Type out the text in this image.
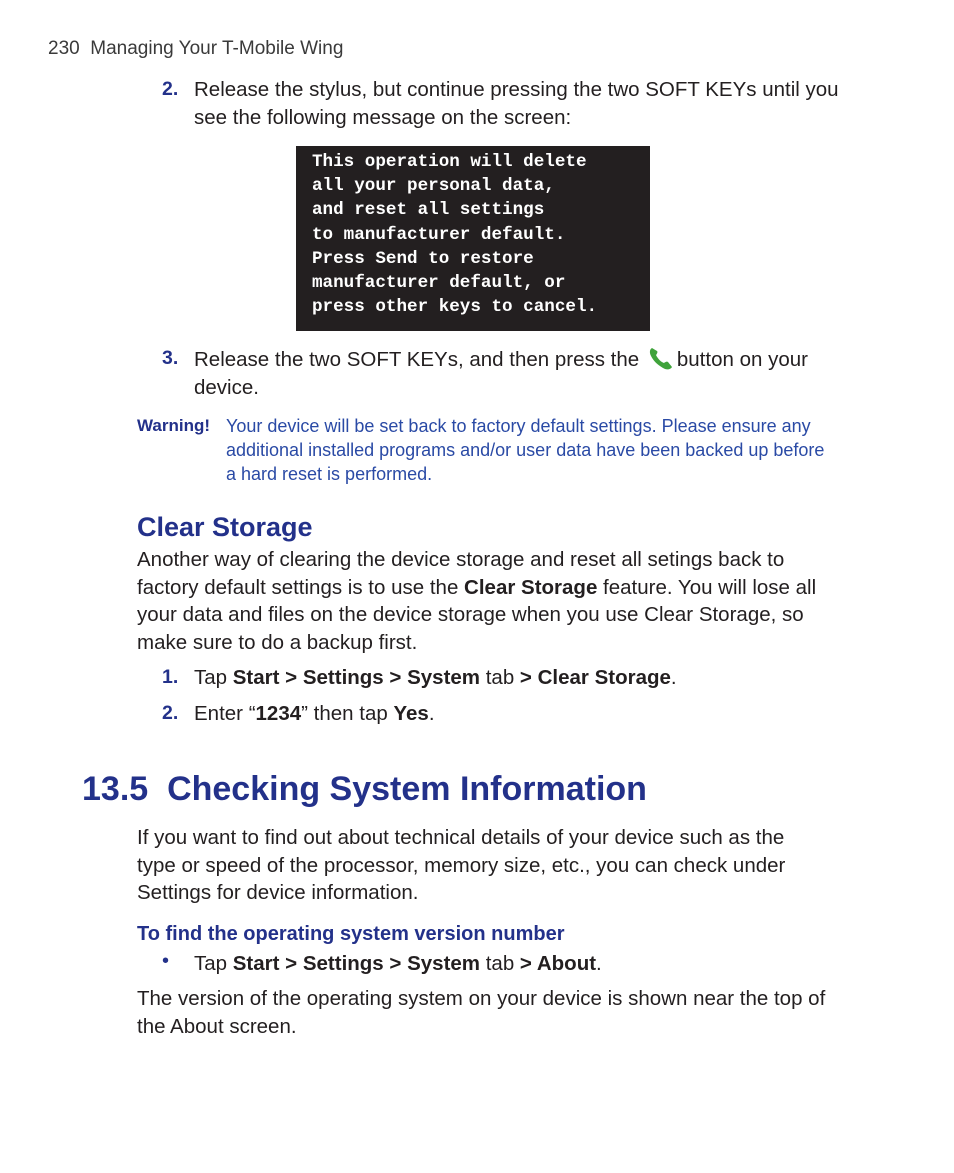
230 Managing Your T-Mobile Wing
2. Release the stylus, but continue pressing the two SOFT KEYs until you
see the following message on the screen:
This operation will delete
all your personal data,
and reset all settings
to manufacturer default.
Press Send to restore
manufacturer default, or
press other keys to cancel.
3. Release the two SOFT KEYs, and then press the button on your
device.
Warning! Your device will be set back to factory default settings. Please ensure any
additional installed programs and/or user data have been backed up before
a hard reset is performed.
Clear Storage
Another way of clearing the device storage and reset all setings back to
factory default settings is to use the Clear Storage feature. You will lose all
your data and files on the device storage when you use Clear Storage, so
make sure to do a backup first.
1. Tap Start > Settings > System tab > Clear Storage.
2. Enter “1234” then tap Yes.
13.5  Checking System Information
If you want to find out about technical details of your device such as the
type or speed of the processor, memory size, etc., you can check under
Settings for device information.
To find the operating system version number
• Tap Start > Settings > System tab > About.
The version of the operating system on your device is shown near the top of
the About screen.
